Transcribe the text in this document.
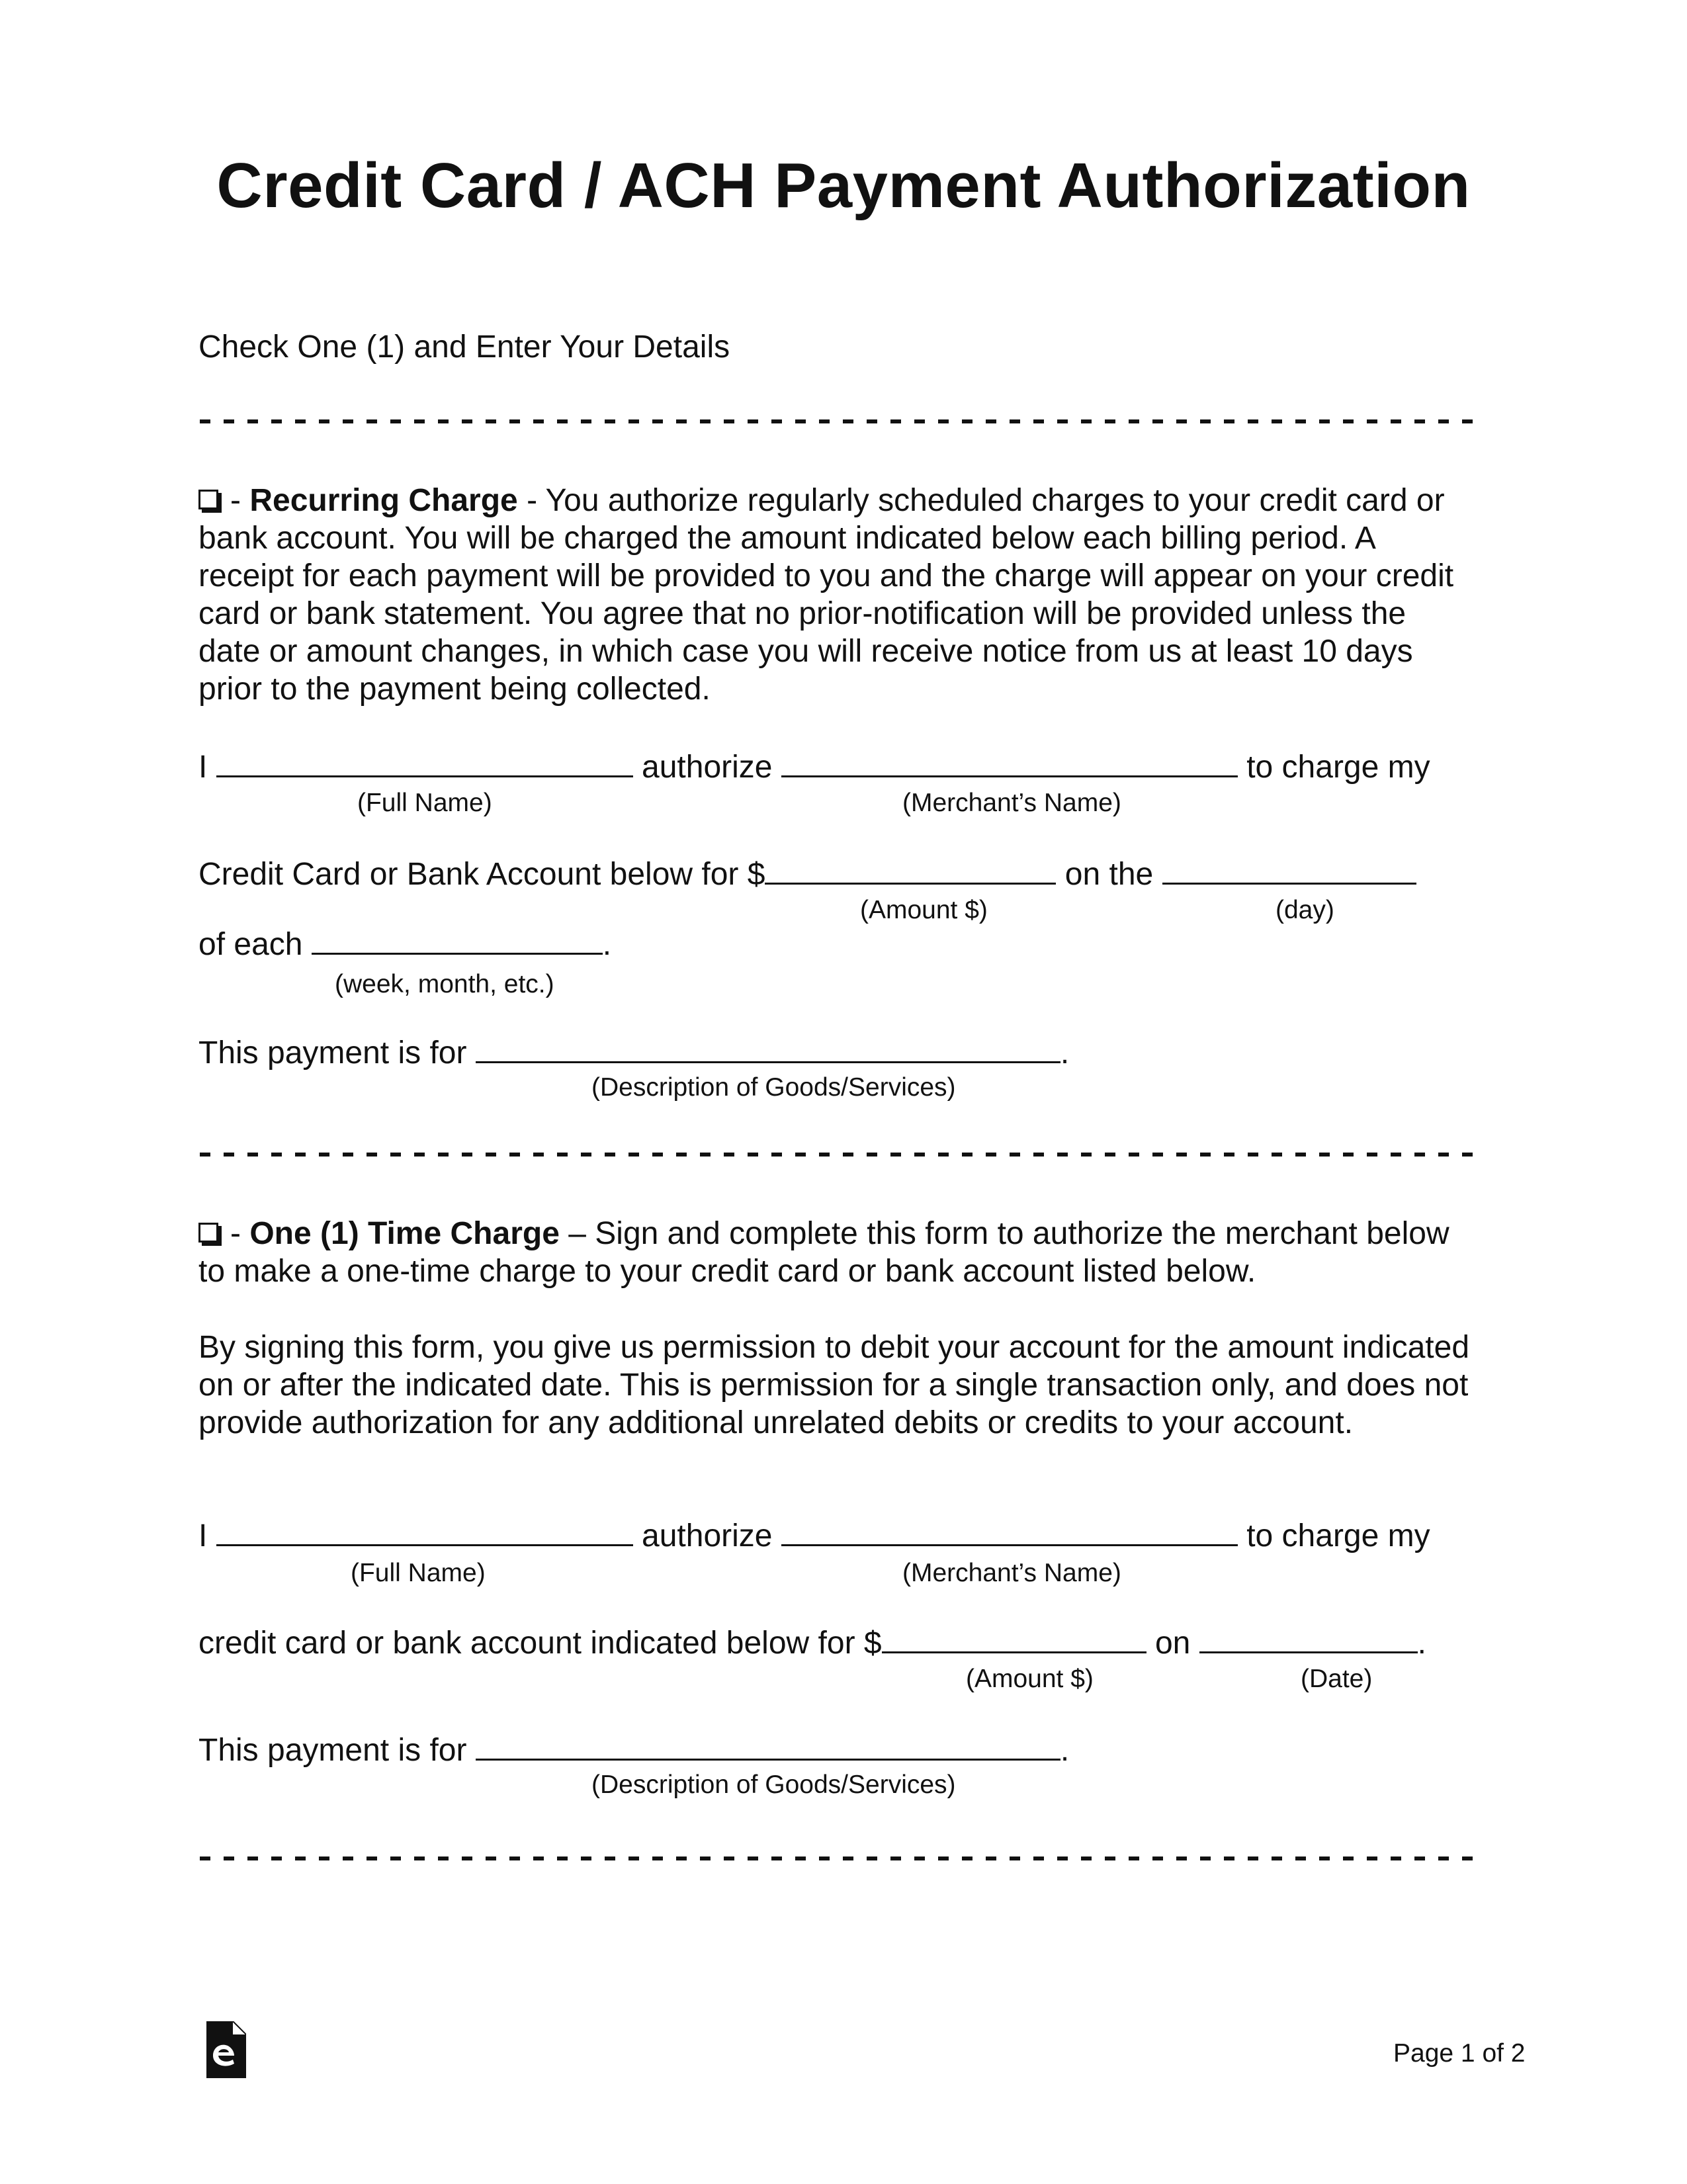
Credit Card / ACH Payment Authorization
Check One (1) and Enter Your Details
- Recurring Charge - You authorize regularly scheduled charges to your credit card or bank account. You will be charged the amount indicated below each billing period. A receipt for each payment will be provided to you and the charge will appear on your credit card or bank statement. You agree that no prior-notification will be provided unless the date or amount changes, in which case you will receive notice from us at least 10 days prior to the payment being collected.
I	authorize	to charge my
(Full Name)	(Merchant’s Name)
Credit Card or Bank Account below for $	on the
(Amount $)	(day)
of each	.
(week, month, etc.)
This payment is for	.
(Description of Goods/Services)
- One (1) Time Charge – Sign and complete this form to authorize the merchant below to make a one-time charge to your credit card or bank account listed below.
By signing this form, you give us permission to debit your account for the amount indicated on or after the indicated date. This is permission for a single transaction only, and does not provide authorization for any additional unrelated debits or credits to your account.
I	authorize	to charge my
(Full Name)	(Merchant’s Name)
credit card or bank account indicated below for $	on	.
(Amount $)	(Date)
This payment is for	.
(Description of Goods/Services)
Page 1 of 2
